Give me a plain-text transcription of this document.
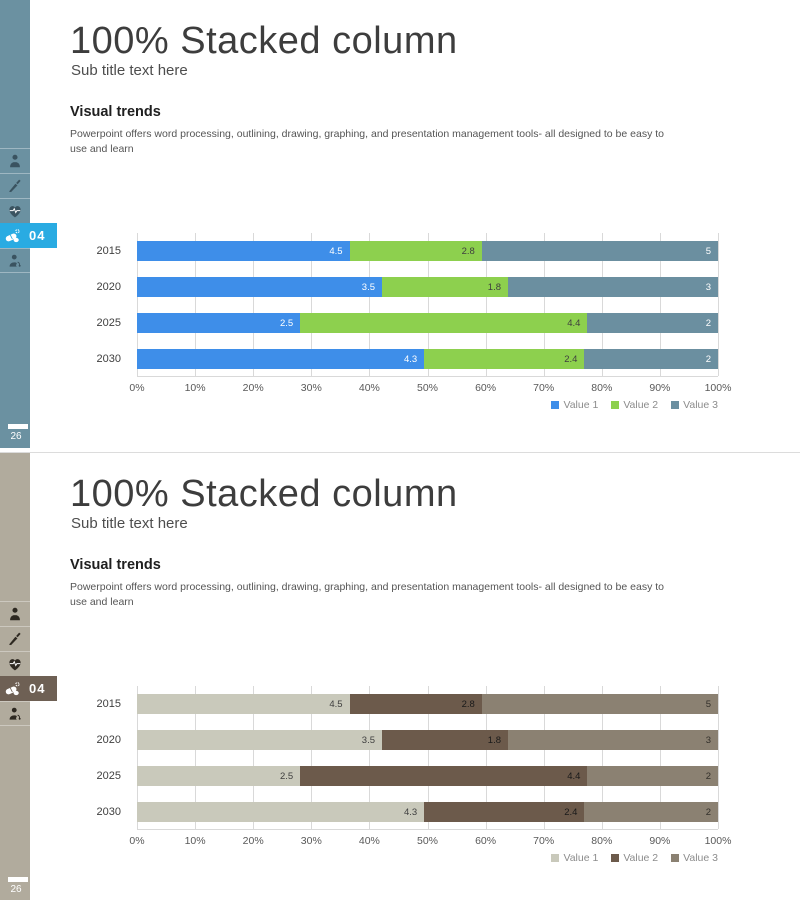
04
26
100% Stacked column
Sub title text here
Visual trends

Powerpoint offers word processing, outlining, drawing, graphing, and presentation management tools- all designed to be easy to use and learn

2015
2020
2025
2030
4.5	2.8	5
3.5	1.8	3
2.5	4.4	2
4.3	2.4	2
0%	10%	20%	30%	40%	50%	60%	70%	80%	90%	100%
Value 1 Value 2 Value 3
04
26
100% Stacked column
Sub title text here
Visual trends

Powerpoint offers word processing, outlining, drawing, graphing, and presentation management tools- all designed to be easy to use and learn

2015
2020
2025
2030
4.5	2.8	5
3.5	1.8	3
2.5	4.4	2
4.3	2.4	2
0%	10%	20%	30%	40%	50%	60%	70%	80%	90%	100%
Value 1 Value 2 Value 3
